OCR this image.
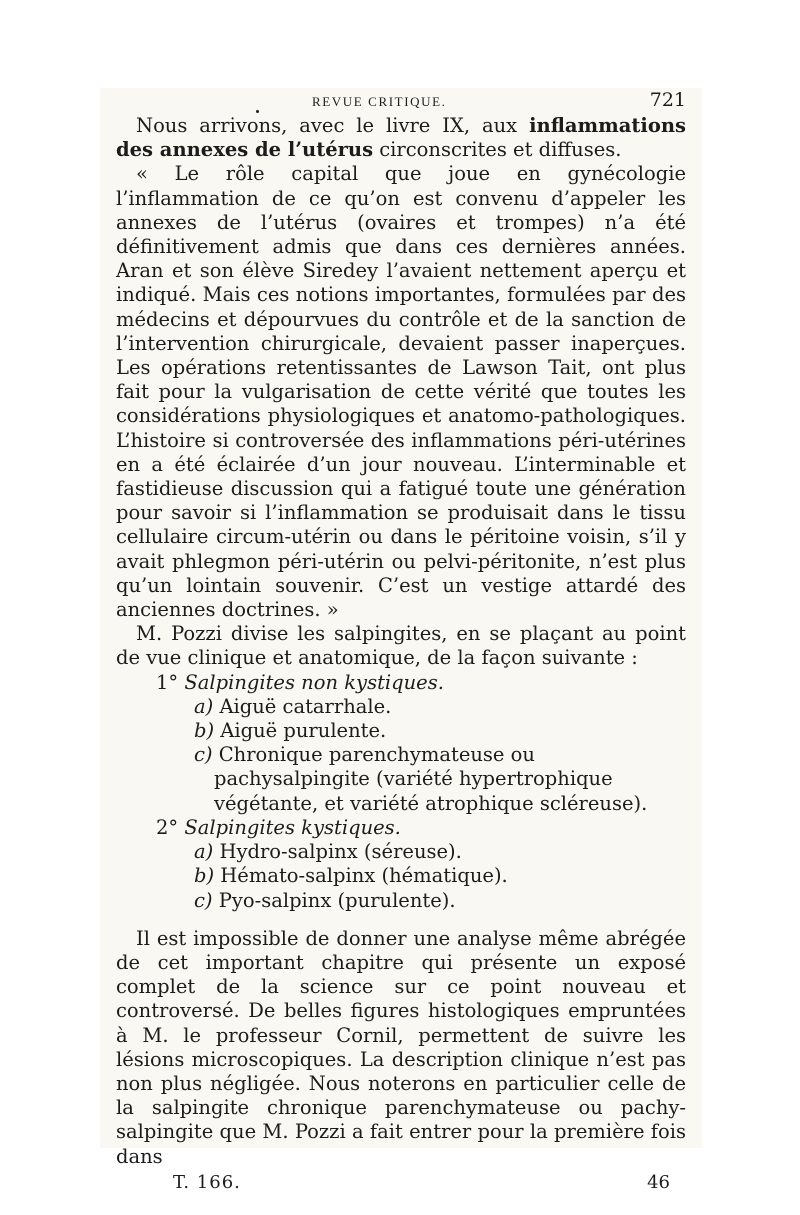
REVUE CRITIQUE.	721

Nous arrivons, avec le livre IX, aux inflammations des annexes de l’utérus circonscrites et diffuses.

« Le rôle capital que joue en gynécologie l’inflammation de ce qu’on est convenu d’appeler les annexes de l’utérus (ovaires et trompes) n’a été définitivement admis que dans ces dernières années. Aran et son élève Siredey l’avaient nettement aperçu et indiqué. Mais ces notions importantes, formulées par des médecins et dépourvues du contrôle et de la sanction de l’intervention chirurgicale, devaient passer inaperçues. Les opérations retentissantes de Lawson Tait, ont plus fait pour la vulgarisation de cette vérité que toutes les considérations physiologiques et anatomo-pathologiques. L’histoire si controversée des inflammations péri-utérines en a été éclairée d’un jour nouveau. L’interminable et fastidieuse discussion qui a fatigué toute une génération pour savoir si l’inflammation se produisait dans le tissu cellulaire circum-utérin ou dans le péritoine voisin, s’il y avait phlegmon péri-utérin ou pelvi-péritonite, n’est plus qu’un lointain souvenir. C’est un vestige attardé des anciennes doctrines. »

M. Pozzi divise les salpingites, en se plaçant au point de vue clinique et anatomique, de la façon suivante :

1° Salpingites non kystiques.
a) Aiguë catarrhale.
b) Aiguë purulente.
c) Chronique parenchymateuse ou pachysalpingite (variété hypertrophique végétante, et variété atrophique scléreuse).
2° Salpingites kystiques.
a) Hydro-salpinx (séreuse).
b) Hémato-salpinx (hématique).
c) Pyo-salpinx (purulente).

Il est impossible de donner une analyse même abrégée de cet important chapitre qui présente un exposé complet de la science sur ce point nouveau et controversé. De belles figures histologiques empruntées à M. le professeur Cornil, permettent de suivre les lésions microscopiques. La description clinique n’est pas non plus négligée. Nous noterons en particulier celle de la salpingite chronique parenchymateuse ou pachy-salpingite que M. Pozzi a fait entrer pour la première fois dans

T. 166.	46
